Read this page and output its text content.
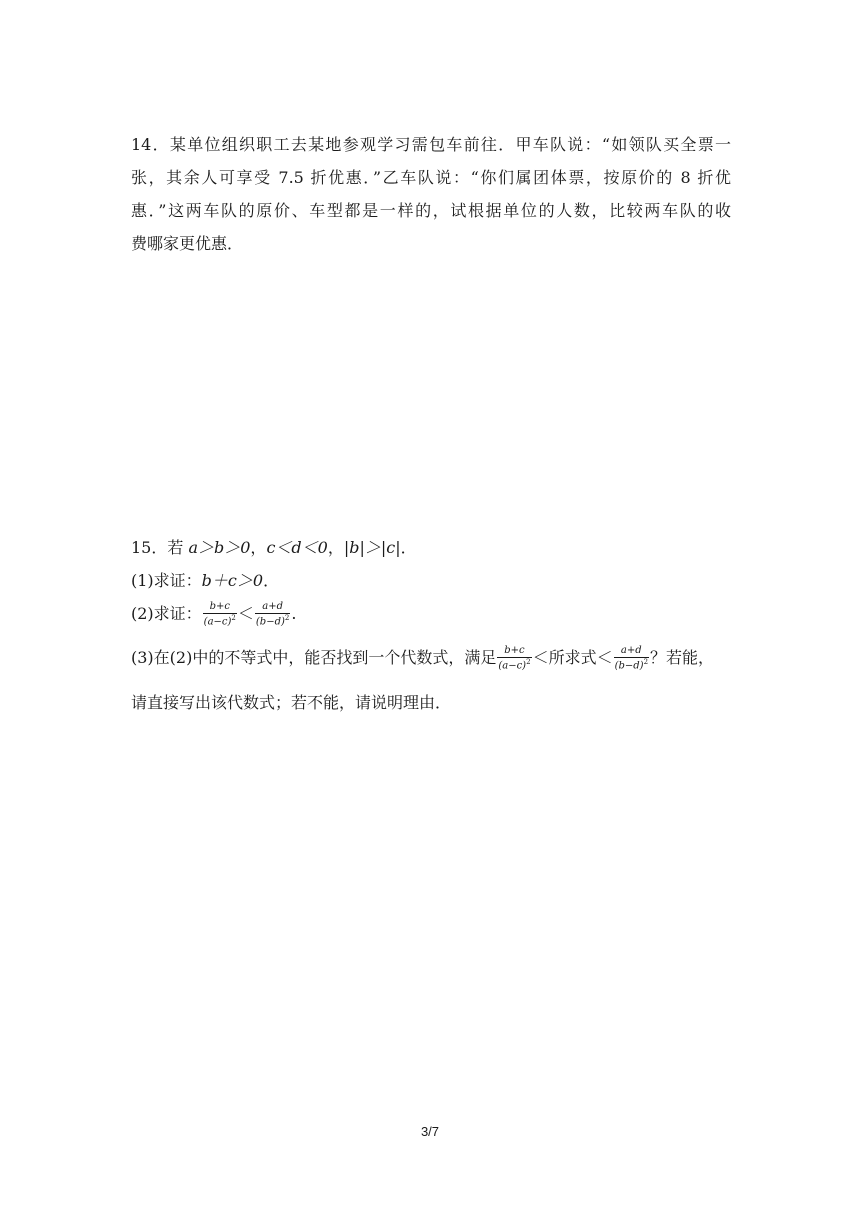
14．某单位组织职工去某地参观学习需包车前往．甲车队说：“如领队买全票一
张，其余人可享受 7.5 折优惠．”乙车队说：“你们属团体票，按原价的 8 折优
惠．”这两车队的原价、车型都是一样的，试根据单位的人数，比较两车队的收
费哪家更优惠．
15．若 a＞b＞0，c＜d＜0，|b|＞|c|．
(1)求证：b＋c＞0．
(2)求证： $\frac{b+c}{(a-c)^2} < \frac{a+d}{(b-d)^2}$ .
(3)在(2)中的不等式中，能否找到一个代数式，满足 $\frac{b+c}{(a-c)^2}$ ＜所求式＜ $\frac{a+d}{(b-d)^2}$ ？若能，
请直接写出该代数式；若不能，请说明理由．
3/7
